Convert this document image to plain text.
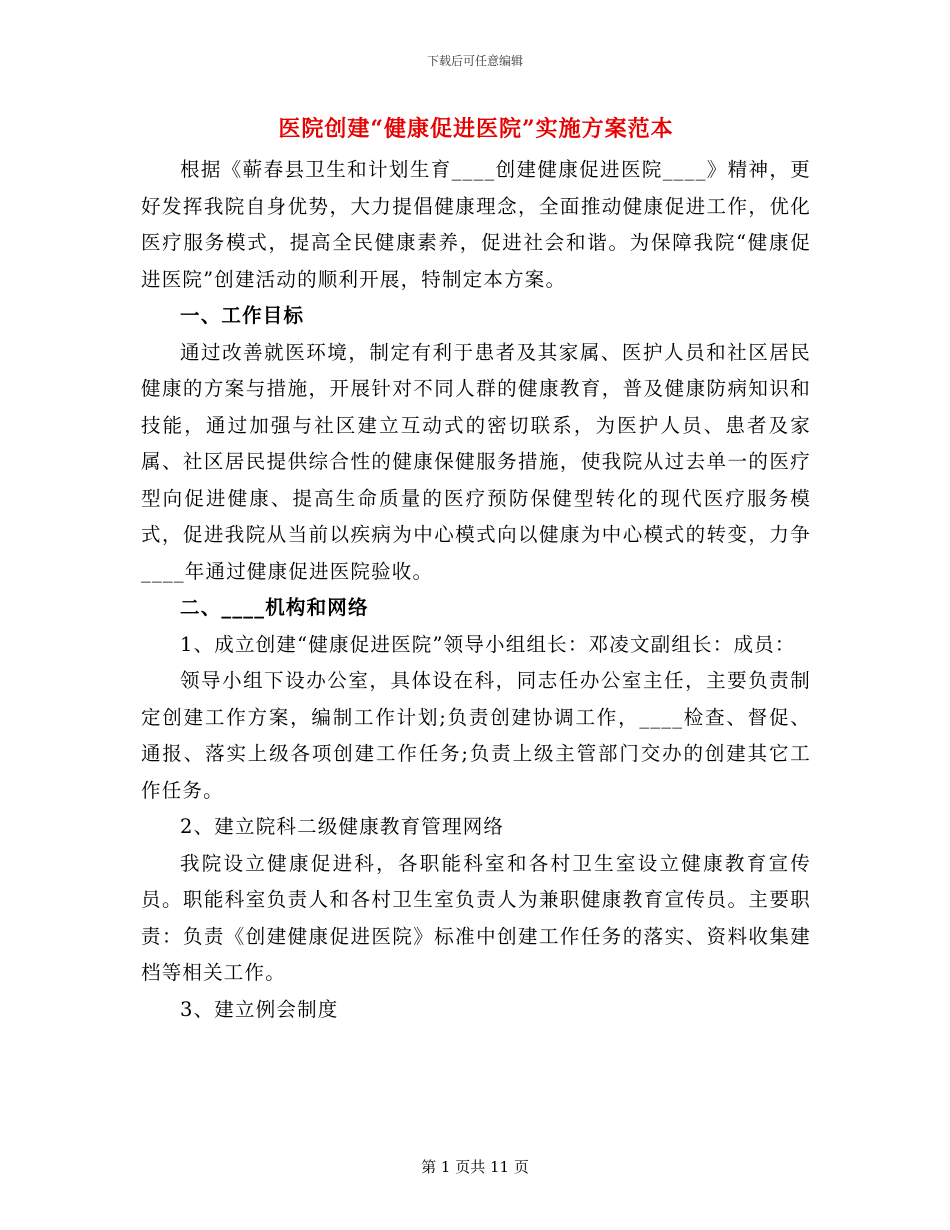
下载后可任意编辑
医院创建“健康促进医院”实施方案范本

根据《蕲春县卫生和计划生育____创建健康促进医院____》精神，更好发挥我院自身优势，大力提倡健康理念，全面推动健康促进工作，优化医疗服务模式，提高全民健康素养，促进社会和谐。为保障我院“健康促进医院”创建活动的顺利开展，特制定本方案。

一、工作目标

通过改善就医环境，制定有利于患者及其家属、医护人员和社区居民健康的方案与措施，开展针对不同人群的健康教育，普及健康防病知识和技能，通过加强与社区建立互动式的密切联系，为医护人员、患者及家属、社区居民提供综合性的健康保健服务措施，使我院从过去单一的医疗型向促进健康、提高生命质量的医疗预防保健型转化的现代医疗服务模式，促进我院从当前以疾病为中心模式向以健康为中心模式的转变，力争____年通过健康促进医院验收。

二、____机构和网络

1、成立创建“健康促进医院”领导小组组长：邓凌文副组长：成员：

领导小组下设办公室，具体设在科，同志任办公室主任，主要负责制定创建工作方案，编制工作计划;负责创建协调工作，____检查、督促、通报、落实上级各项创建工作任务;负责上级主管部门交办的创建其它工作任务。

2、建立院科二级健康教育管理网络

我院设立健康促进科，各职能科室和各村卫生室设立健康教育宣传员。职能科室负责人和各村卫生室负责人为兼职健康教育宣传员。主要职责：负责《创建健康促进医院》标准中创建工作任务的落实、资料收集建档等相关工作。

3、建立例会制度

第 1 页共 11 页
